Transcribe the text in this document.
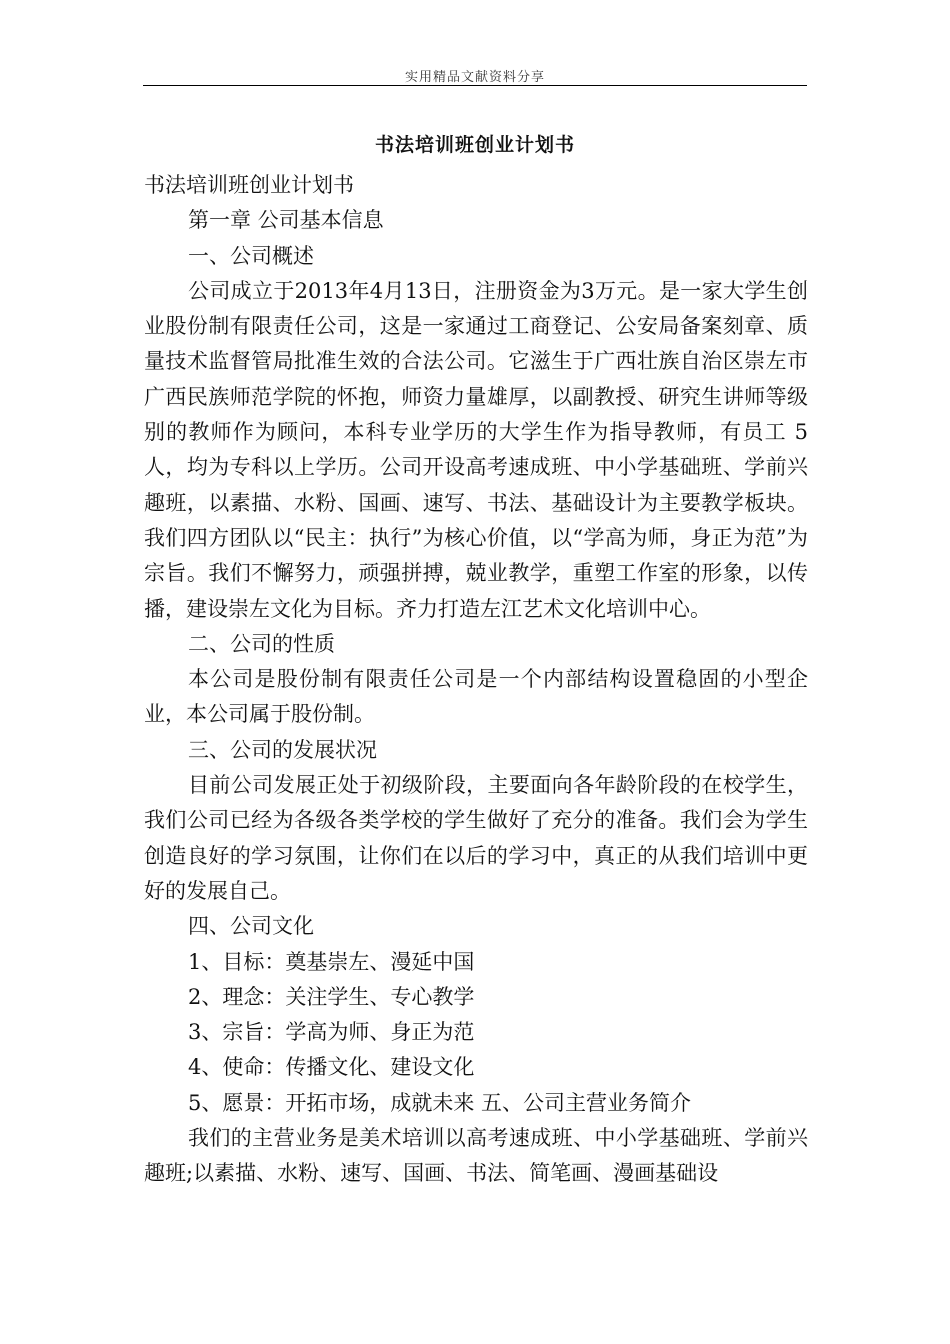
实用精品文献资料分享
书法培训班创业计划书

书法培训班创业计划书

第一章 公司基本信息

一、公司概述

公司成立于2013年4月13日，注册资金为3万元。是一家大学生创业股份制有限责任公司，这是一家通过工商登记、公安局备案刻章、质量技术监督管局批准生效的合法公司。它滋生于广西壮族自治区崇左市广西民族师范学院的怀抱，师资力量雄厚，以副教授、研究生讲师等级别的教师作为顾问，本科专业学历的大学生作为指导教师，有员工 5人，均为专科以上学历。公司开设高考速成班、中小学基础班、学前兴趣班，以素描、水粉、国画、速写、书法、基础设计为主要教学板块。我们四方团队以“民主：执行”为核心价值，以“学高为师，身正为范”为宗旨。我们不懈努力，顽强拼搏，兢业教学，重塑工作室的形象，以传播，建设崇左文化为目标。齐力打造左江艺术文化培训中心。

二、公司的性质

本公司是股份制有限责任公司是一个内部结构设置稳固的小型企业，本公司属于股份制。

三、公司的发展状况

目前公司发展正处于初级阶段，主要面向各年龄阶段的在校学生，我们公司已经为各级各类学校的学生做好了充分的准备。我们会为学生创造良好的学习氛围，让你们在以后的学习中，真正的从我们培训中更好的发展自己。

四、公司文化

1、目标：奠基崇左、漫延中国

2、理念：关注学生、专心教学

3、宗旨：学高为师、身正为范

4、使命：传播文化、建设文化

5、愿景：开拓市场，成就未来 五、公司主营业务简介

我们的主营业务是美术培训以高考速成班、中小学基础班、学前兴趣班;以素描、水粉、速写、国画、书法、简笔画、漫画基础设
